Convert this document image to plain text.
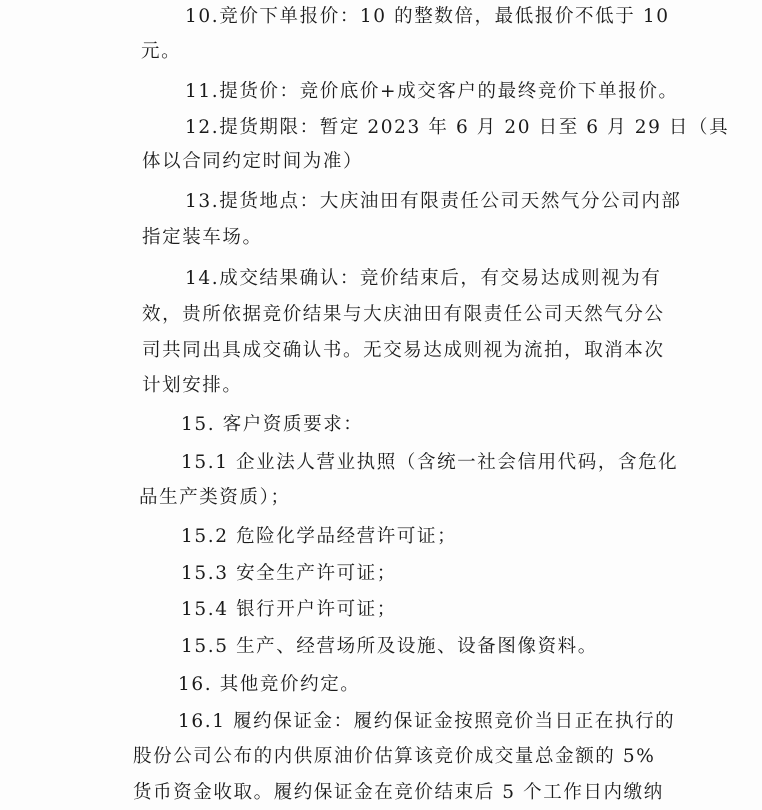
10.竞价下单报价：10 的整数倍，最低报价不低于 10
元。
11.提货价：竞价底价+成交客户的最终竞价下单报价。
12.提货期限：暂定 2023 年 6 月 20 日至 6 月 29 日（具
体以合同约定时间为准）
13.提货地点：大庆油田有限责任公司天然气分公司内部
指定装车场。
14.成交结果确认：竞价结束后，有交易达成则视为有
效，贵所依据竞价结果与大庆油田有限责任公司天然气分公
司共同出具成交确认书。无交易达成则视为流拍，取消本次
计划安排。
15. 客户资质要求：
15.1 企业法人营业执照（含统一社会信用代码，含危化
品生产类资质）；
15.2 危险化学品经营许可证；
15.3 安全生产许可证；
15.4 银行开户许可证；
15.5 生产、经营场所及设施、设备图像资料。
16. 其他竞价约定。
16.1 履约保证金：履约保证金按照竞价当日正在执行的
股份公司公布的内供原油价估算该竞价成交量总金额的 5%
货币资金收取。履约保证金在竞价结束后 5 个工作日内缴纳
